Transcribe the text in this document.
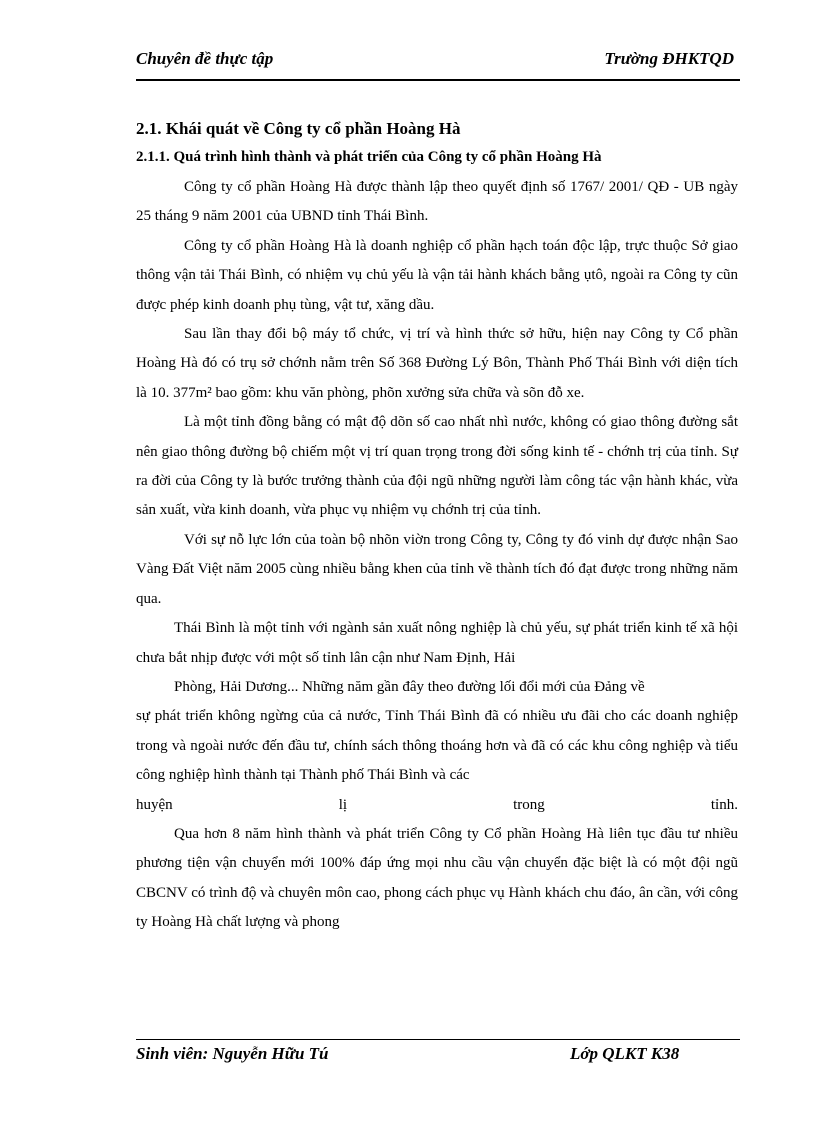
Chuyên đề thực tập	Trường ĐHKTQD
2.1. Khái quát về Công ty cổ phần Hoàng Hà
2.1.1. Quá trình hình thành và phát triển của Công ty cổ phần Hoàng Hà

Công ty cổ phần Hoàng Hà được thành lập theo quyết định số 1767/ 2001/ QĐ - UB ngày 25 tháng 9 năm 2001 của UBND tỉnh Thái Bình.

Công ty cổ phần Hoàng Hà là doanh nghiệp cổ phần hạch toán độc lập, trực thuộc Sở giao thông vận tải Thái Bình, có nhiệm vụ chủ yếu là vận tải hành khách bằng ụtô, ngoài ra Công ty cũn được phép kinh doanh phụ tùng, vật tư, xăng dầu.

Sau lần thay đổi bộ máy tổ chức, vị trí và hình thức sở hữu, hiện nay Công ty Cổ phần Hoàng Hà đó có trụ sở chớnh nằm trên Số 368 Đường Lý Bôn, Thành Phố Thái Bình với diện tích là 10. 377m² bao gồm: khu văn phòng, phõn xưởng sửa chữa và sõn đỗ xe.

Là một tỉnh đồng bằng có mật độ dõn số cao nhất nhì nước, không có giao thông đường sắt nên giao thông đường bộ chiếm một vị trí quan trọng trong đời sống kinh tế - chớnh trị của tỉnh. Sự ra đời của Công ty là bước trưởng thành của đội ngũ những người làm công tác vận hành khác, vừa sản xuất, vừa kinh doanh, vừa phục vụ nhiệm vụ chớnh trị của tỉnh.

Với sự nỗ lực lớn của toàn bộ nhõn viờn trong Công ty, Công ty đó vinh dự được nhận Sao Vàng Đất Việt năm 2005 cùng nhiều bằng khen của tỉnh về thành tích đó đạt được trong những năm qua.

Thái Bình là một tỉnh với ngành sản xuất nông nghiệp là chủ yếu, sự phát triển kinh tế xã hội chưa bắt nhịp được với một số tỉnh lân cận như Nam Định, Hải

Phòng, Hải Dương... Những năm gần đây theo đường lối đổi mới của Đảng về

sự phát triển không ngừng của cả nước, Tỉnh Thái Bình đã có nhiều ưu đãi cho các doanh nghiệp trong và ngoài nước đến đầu tư, chính sách thông thoáng hơn và đã có các khu công nghiệp và tiểu công nghiệp hình thành tại Thành phố Thái Bình và các

huyện	lị	trong	tỉnh.

Qua hơn 8 năm hình thành và phát triển Công ty Cổ phần Hoàng Hà liên tục đầu tư nhiều phương tiện vận chuyển mới 100% đáp ứng mọi nhu cầu vận chuyển đặc biệt là có một đội ngũ CBCNV có trình độ và chuyên môn cao, phong cách phục vụ Hành khách chu đáo, ân cần, với công ty Hoàng Hà chất lượng và phong

Sinh viên: Nguyễn Hữu Tú	Lớp QLKT K38
